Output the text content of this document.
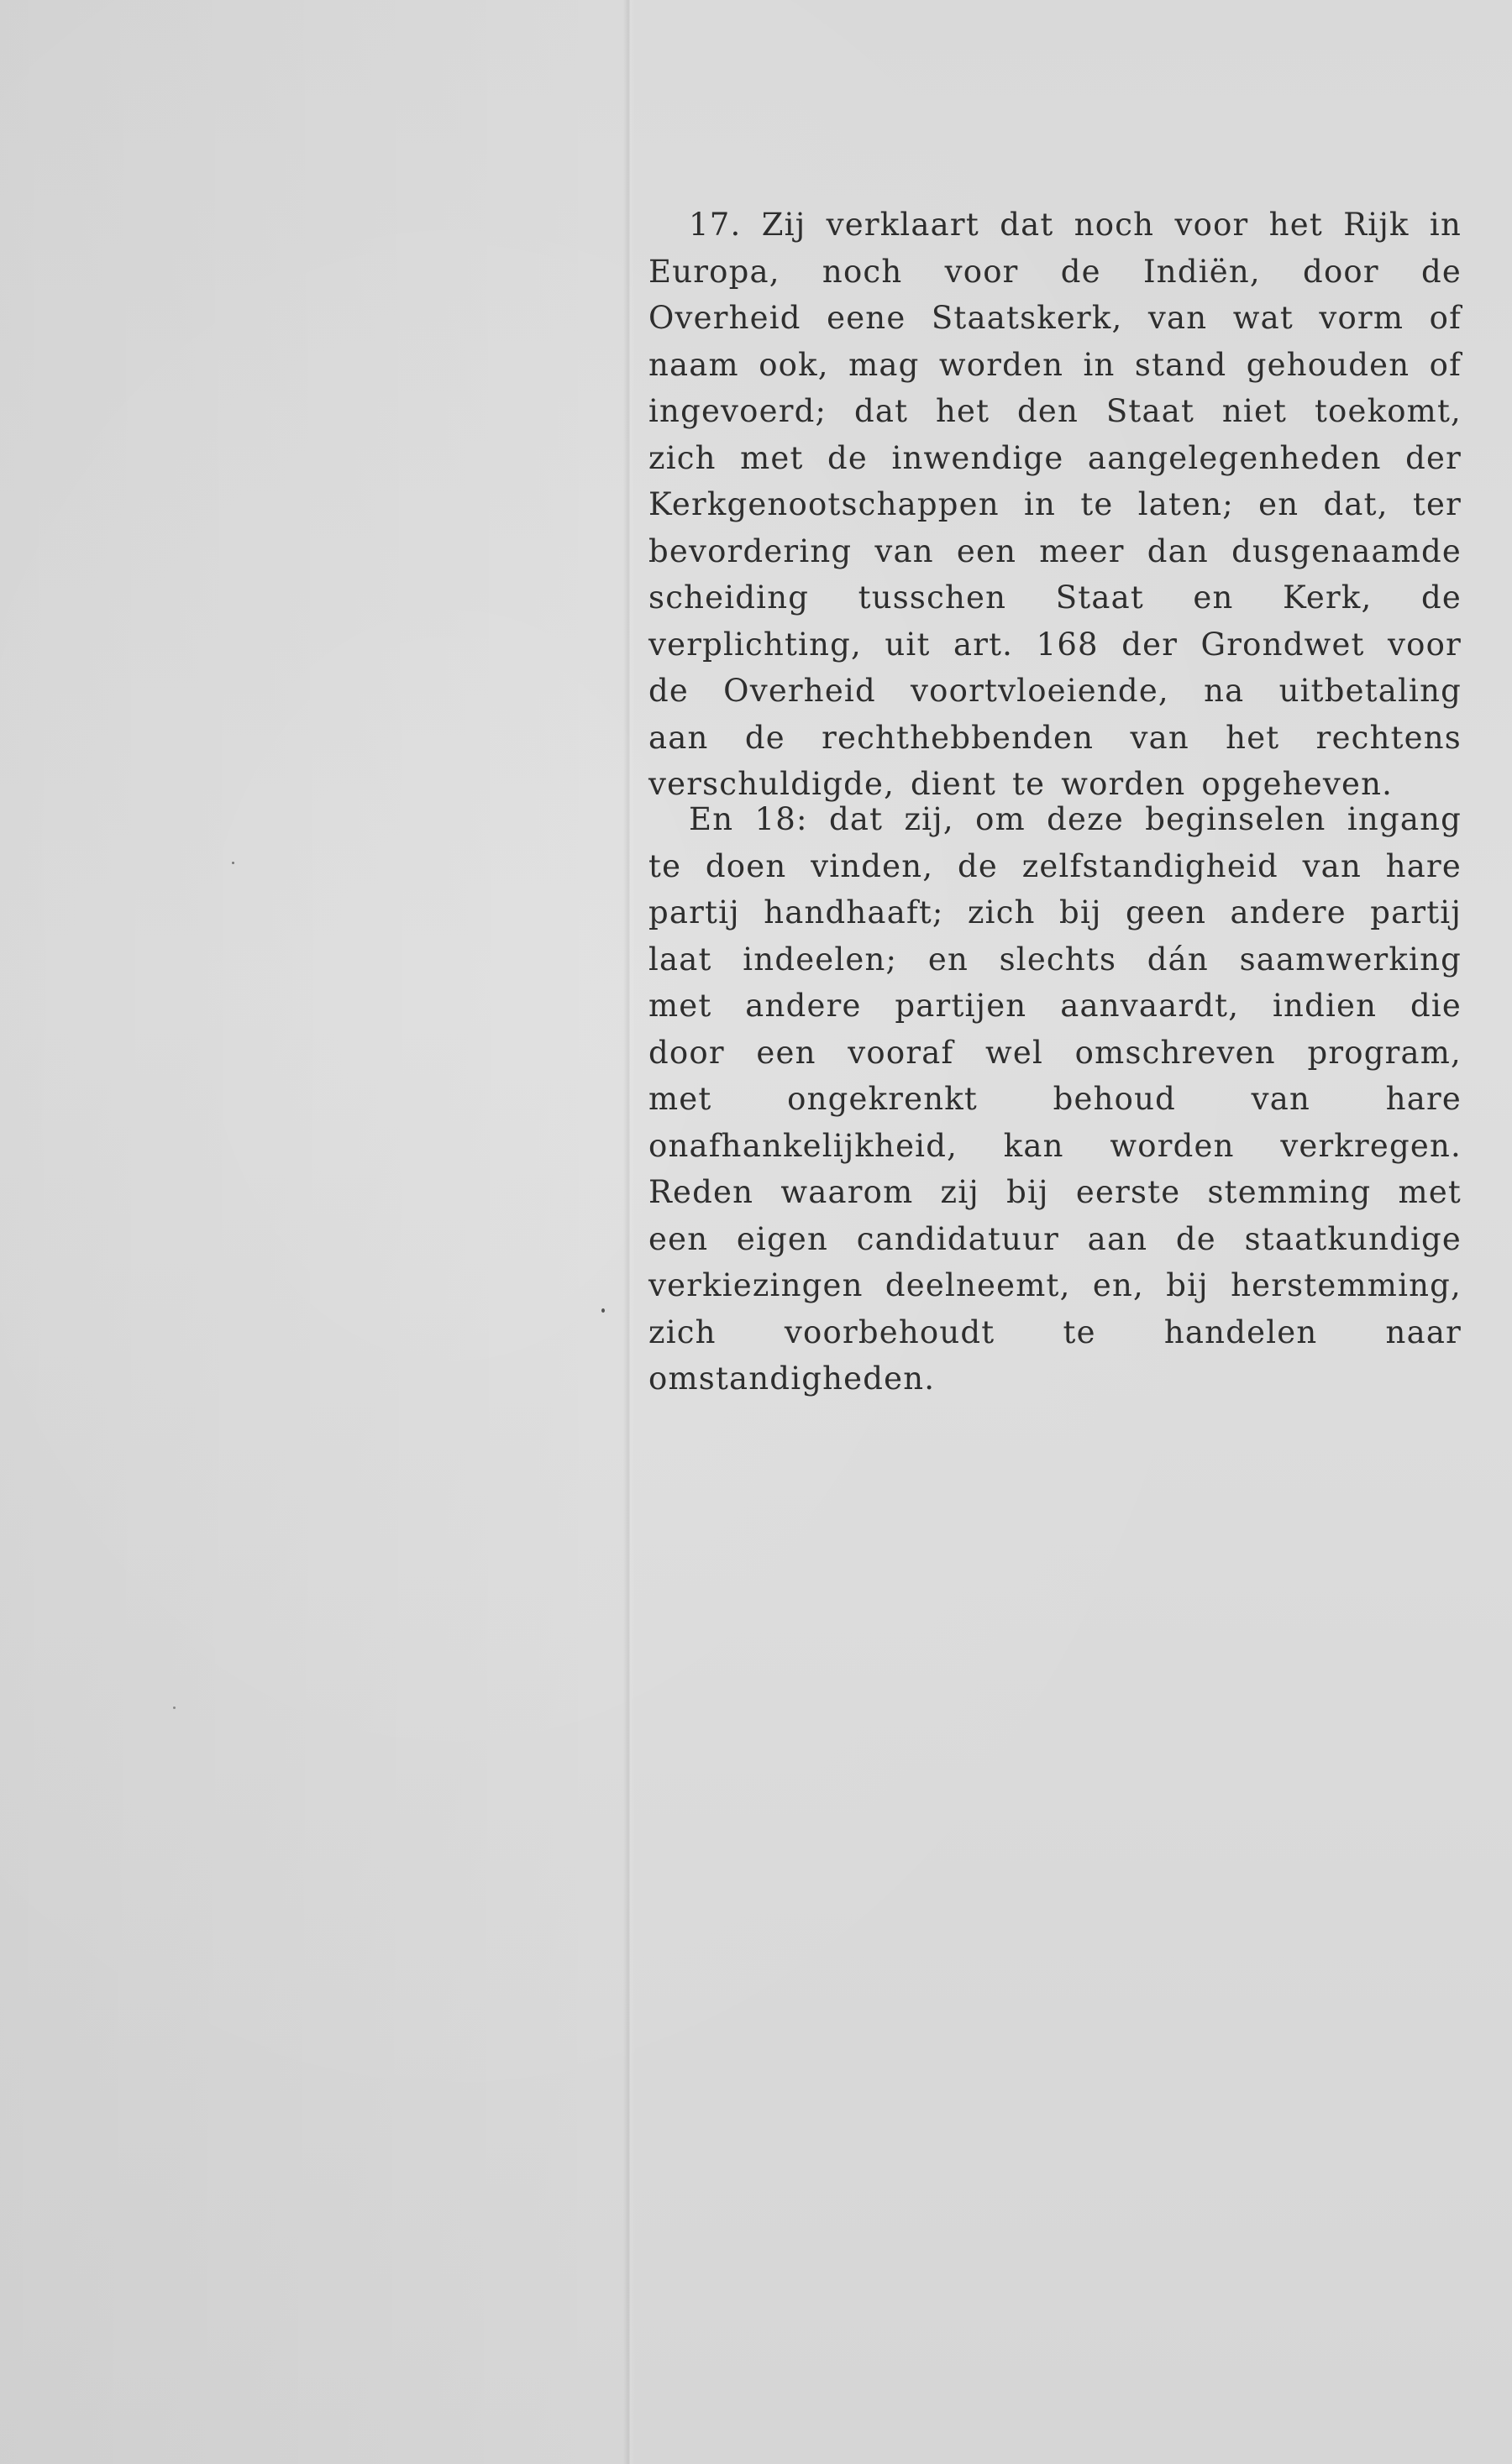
17. Zij verklaart dat noch voor het Rijk in Europa, noch voor de Indiën, door de Overheid eene Staatskerk, van wat vorm of naam ook, mag worden in stand gehouden of ingevoerd; dat het den Staat niet toekomt, zich met de inwendige aangelegenheden der Kerkgenootschappen in te laten; en dat, ter bevordering van een meer dan dusgenaamde scheiding tusschen Staat en Kerk, de verplichting, uit art. 168 der Grondwet voor de Overheid voortvloeiende, na uitbetaling aan de rechthebbenden van het rechtens verschuldigde, dient te worden opgeheven.

En 18: dat zij, om deze beginselen ingang te doen vinden, de zelfstandigheid van hare partij handhaaft; zich bij geen andere partij laat indeelen; en slechts dán saamwerking met andere partijen aanvaardt, indien die door een vooraf wel omschreven program, met ongekrenkt behoud van hare onafhankelijkheid, kan worden verkregen. Reden waarom zij bij eerste stemming met een eigen candidatuur aan de staatkundige verkiezingen deelneemt, en, bij herstemming, zich voorbehoudt te handelen naar omstandigheden.
